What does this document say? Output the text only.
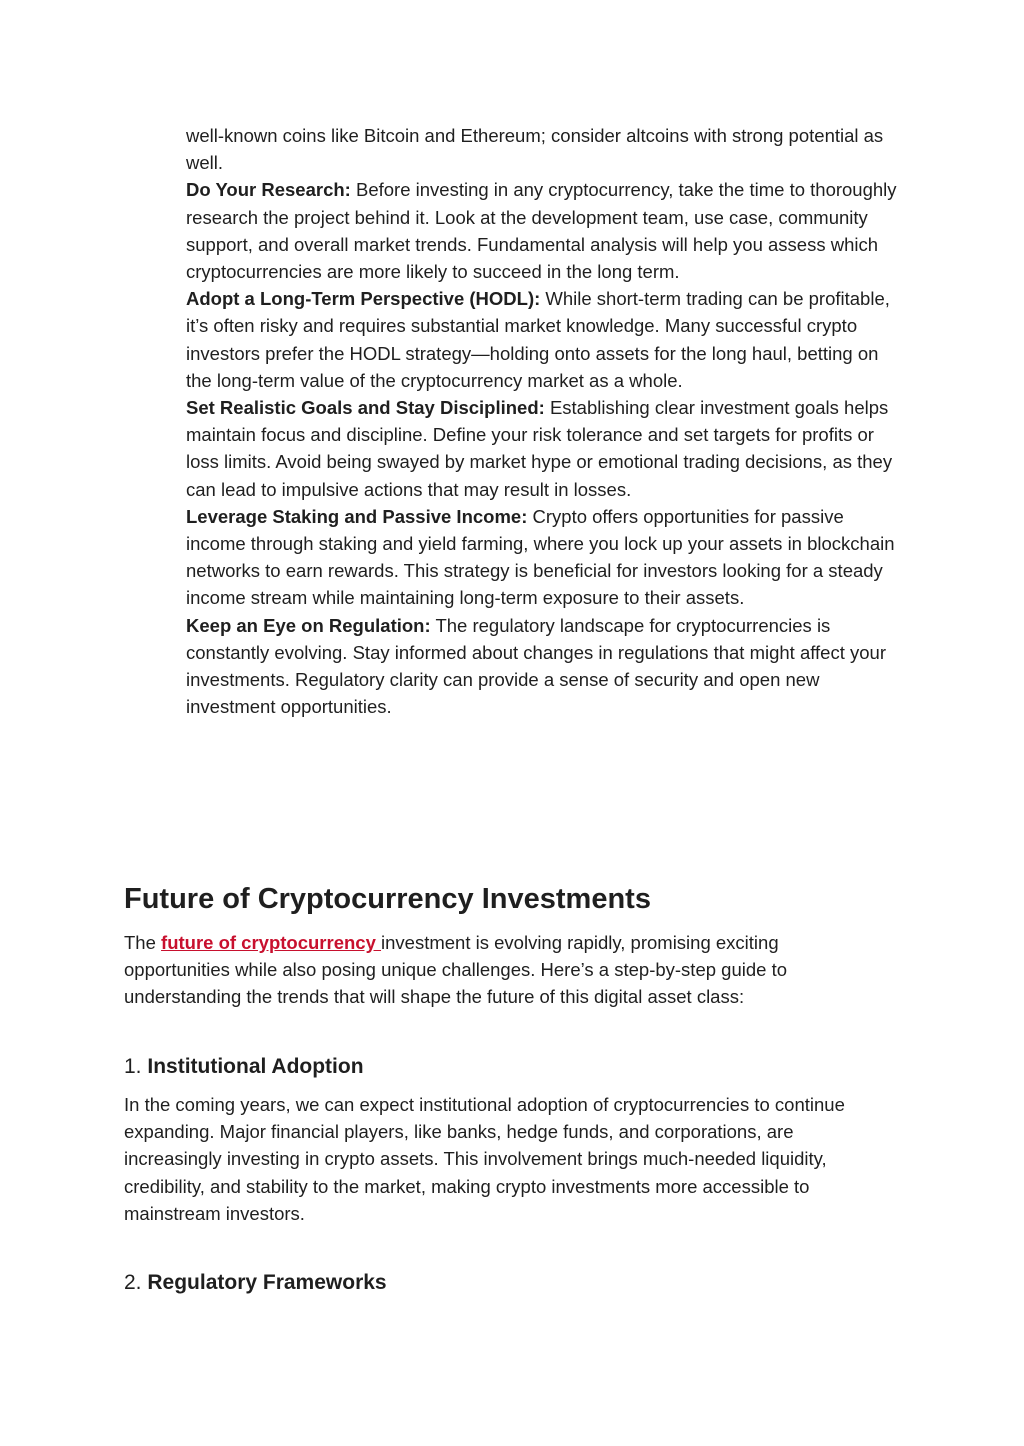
well-known coins like Bitcoin and Ethereum; consider altcoins with strong potential as well.

Do Your Research: Before investing in any cryptocurrency, take the time to thoroughly research the project behind it. Look at the development team, use case, community support, and overall market trends. Fundamental analysis will help you assess which cryptocurrencies are more likely to succeed in the long term.

Adopt a Long-Term Perspective (HODL): While short-term trading can be profitable, it’s often risky and requires substantial market knowledge. Many successful crypto investors prefer the HODL strategy—holding onto assets for the long haul, betting on the long-term value of the cryptocurrency market as a whole.

Set Realistic Goals and Stay Disciplined: Establishing clear investment goals helps maintain focus and discipline. Define your risk tolerance and set targets for profits or loss limits. Avoid being swayed by market hype or emotional trading decisions, as they can lead to impulsive actions that may result in losses.

Leverage Staking and Passive Income: Crypto offers opportunities for passive income through staking and yield farming, where you lock up your assets in blockchain networks to earn rewards. This strategy is beneficial for investors looking for a steady income stream while maintaining long-term exposure to their assets.

Keep an Eye on Regulation: The regulatory landscape for cryptocurrencies is constantly evolving. Stay informed about changes in regulations that might affect your investments. Regulatory clarity can provide a sense of security and open new investment opportunities.

Future of Cryptocurrency Investments

The future of cryptocurrency investment is evolving rapidly, promising exciting opportunities while also posing unique challenges. Here’s a step-by-step guide to understanding the trends that will shape the future of this digital asset class:

1. Institutional Adoption

In the coming years, we can expect institutional adoption of cryptocurrencies to continue expanding. Major financial players, like banks, hedge funds, and corporations, are increasingly investing in crypto assets. This involvement brings much-needed liquidity, credibility, and stability to the market, making crypto investments more accessible to mainstream investors.

2. Regulatory Frameworks
